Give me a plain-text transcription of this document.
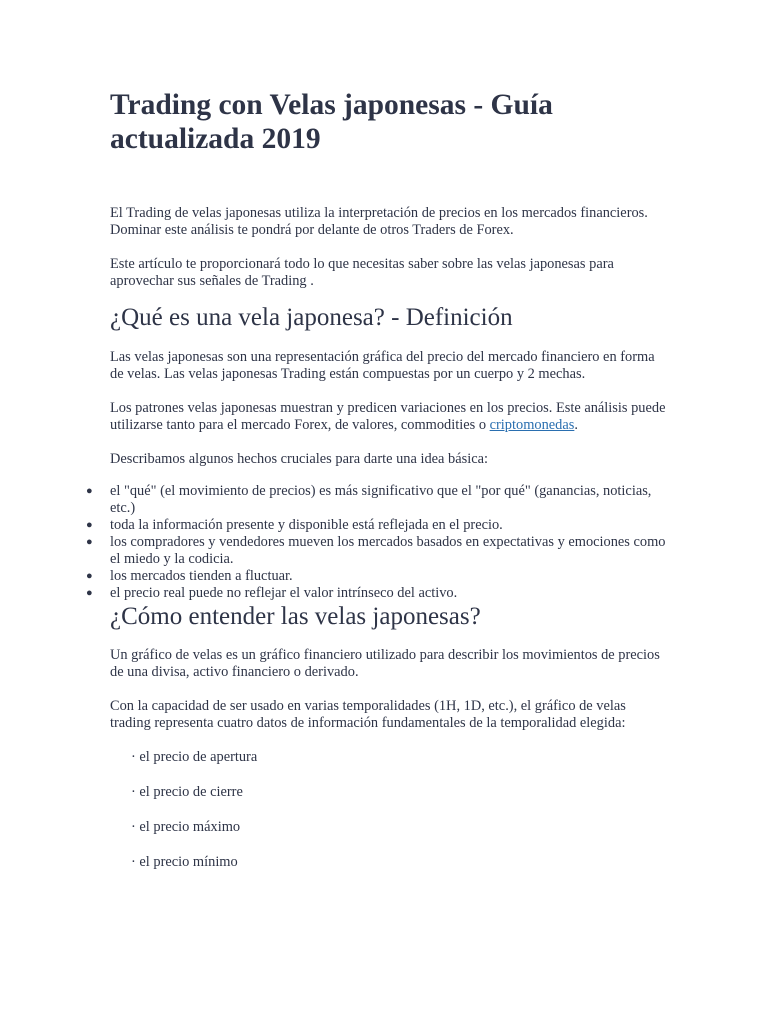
Trading con Velas japonesas - Guía actualizada 2019

El Trading de velas japonesas utiliza la interpretación de precios en los mercados financieros. Dominar este análisis te pondrá por delante de otros Traders de Forex.

Este artículo te proporcionará todo lo que necesitas saber sobre las velas japonesas para aprovechar sus señales de Trading .

¿Qué es una vela japonesa? - Definición

Las velas japonesas son una representación gráfica del precio del mercado financiero en forma de velas. Las velas japonesas Trading están compuestas por un cuerpo y 2 mechas.

Los patrones velas japonesas muestran y predicen variaciones en los precios. Este análisis puede utilizarse tanto para el mercado Forex, de valores, commodities o criptomonedas.

Describamos algunos hechos cruciales para darte una idea básica:

● el "qué" (el movimiento de precios) es más significativo que el "por qué" (ganancias, noticias, etc.)
● toda la información presente y disponible está reflejada en el precio.
● los compradores y vendedores mueven los mercados basados en expectativas y emociones como el miedo y la codicia.
● los mercados tienden a fluctuar.
● el precio real puede no reflejar el valor intrínseco del activo.
¿Cómo entender las velas japonesas?

Un gráfico de velas es un gráfico financiero utilizado para describir los movimientos de precios de una divisa, activo financiero o derivado.

Con la capacidad de ser usado en varias temporalidades (1H, 1D, etc.), el gráfico de velas trading representa cuatro datos de información fundamentales de la temporalidad elegida:

· el precio de apertura
· el precio de cierre
· el precio máximo
· el precio mínimo
